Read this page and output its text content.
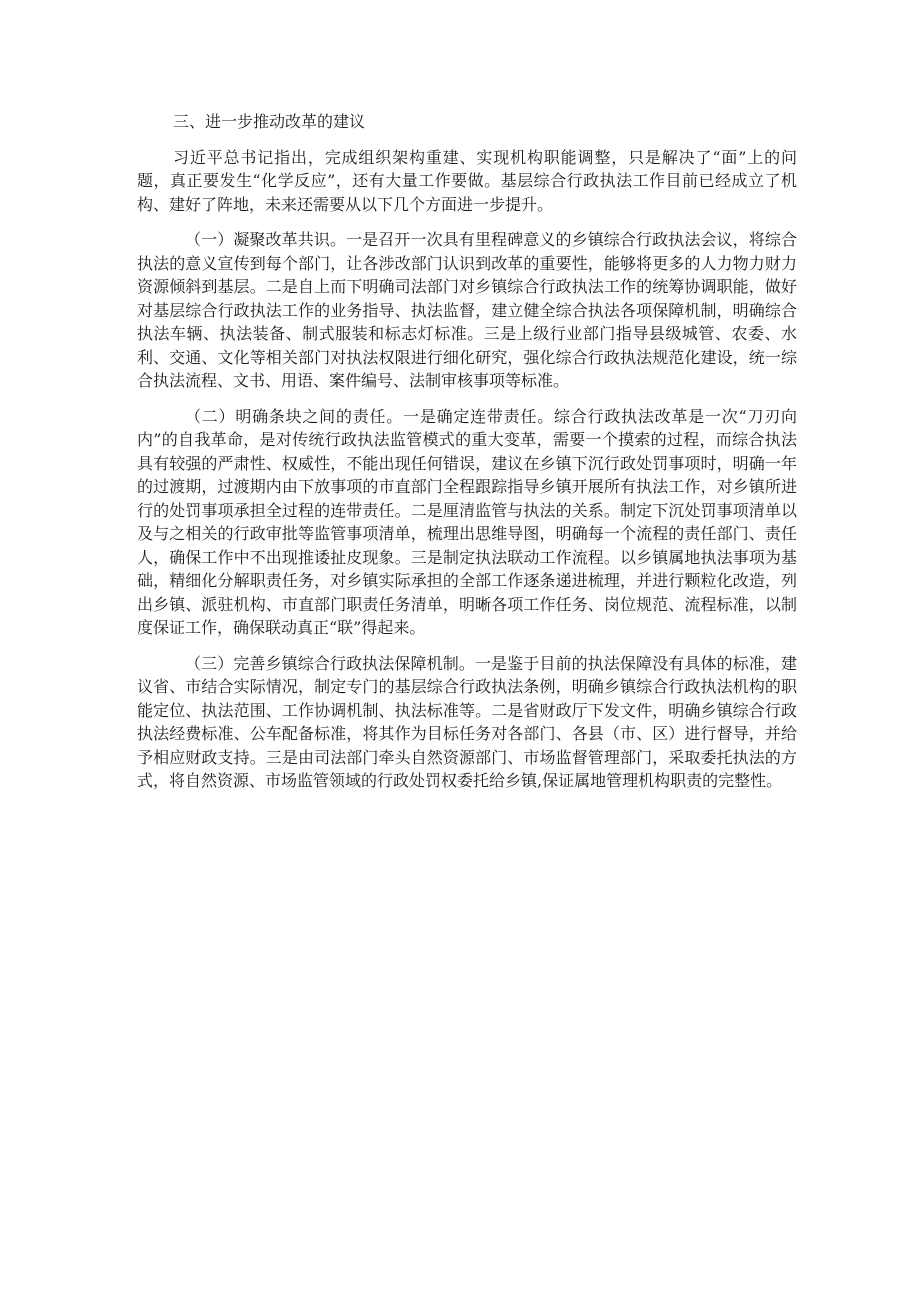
三、进一步推动改革的建议

习近平总书记指出，完成组织架构重建、实现机构职能调整，只是解决了“面”上的问题，真正要发生“化学反应”，还有大量工作要做。基层综合行政执法工作目前已经成立了机构、建好了阵地，未来还需要从以下几个方面进一步提升。

（一）凝聚改革共识。一是召开一次具有里程碑意义的乡镇综合行政执法会议，将综合执法的意义宣传到每个部门，让各涉改部门认识到改革的重要性，能够将更多的人力物力财力资源倾斜到基层。二是自上而下明确司法部门对乡镇综合行政执法工作的统筹协调职能，做好对基层综合行政执法工作的业务指导、执法监督，建立健全综合执法各项保障机制，明确综合执法车辆、执法装备、制式服装和标志灯标准。三是上级行业部门指导县级城管、农委、水利、交通、文化等相关部门对执法权限进行细化研究，强化综合行政执法规范化建设，统一综合执法流程、文书、用语、案件编号、法制审核事项等标准。

（二）明确条块之间的责任。一是确定连带责任。综合行政执法改革是一次“刀刃向内”的自我革命，是对传统行政执法监管模式的重大变革，需要一个摸索的过程，而综合执法具有较强的严肃性、权威性，不能出现任何错误，建议在乡镇下沉行政处罚事项时，明确一年的过渡期，过渡期内由下放事项的市直部门全程跟踪指导乡镇开展所有执法工作，对乡镇所进行的处罚事项承担全过程的连带责任。二是厘清监管与执法的关系。制定下沉处罚事项清单以及与之相关的行政审批等监管事项清单，梳理出思维导图，明确每一个流程的责任部门、责任人，确保工作中不出现推诿扯皮现象。三是制定执法联动工作流程。以乡镇属地执法事项为基础，精细化分解职责任务，对乡镇实际承担的全部工作逐条递进梳理，并进行颗粒化改造，列出乡镇、派驻机构、市直部门职责任务清单，明晰各项工作任务、岗位规范、流程标准，以制度保证工作，确保联动真正“联”得起来。

（三）完善乡镇综合行政执法保障机制。一是鉴于目前的执法保障没有具体的标准，建议省、市结合实际情况，制定专门的基层综合行政执法条例，明确乡镇综合行政执法机构的职能定位、执法范围、工作协调机制、执法标准等。二是省财政厅下发文件，明确乡镇综合行政执法经费标准、公车配备标准，将其作为目标任务对各部门、各县（市、区）进行督导，并给予相应财政支持。三是由司法部门牵头自然资源部门、市场监督管理部门，采取委托执法的方式，将自然资源、市场监管领域的行政处罚权委托给乡镇,保证属地管理机构职责的完整性。
